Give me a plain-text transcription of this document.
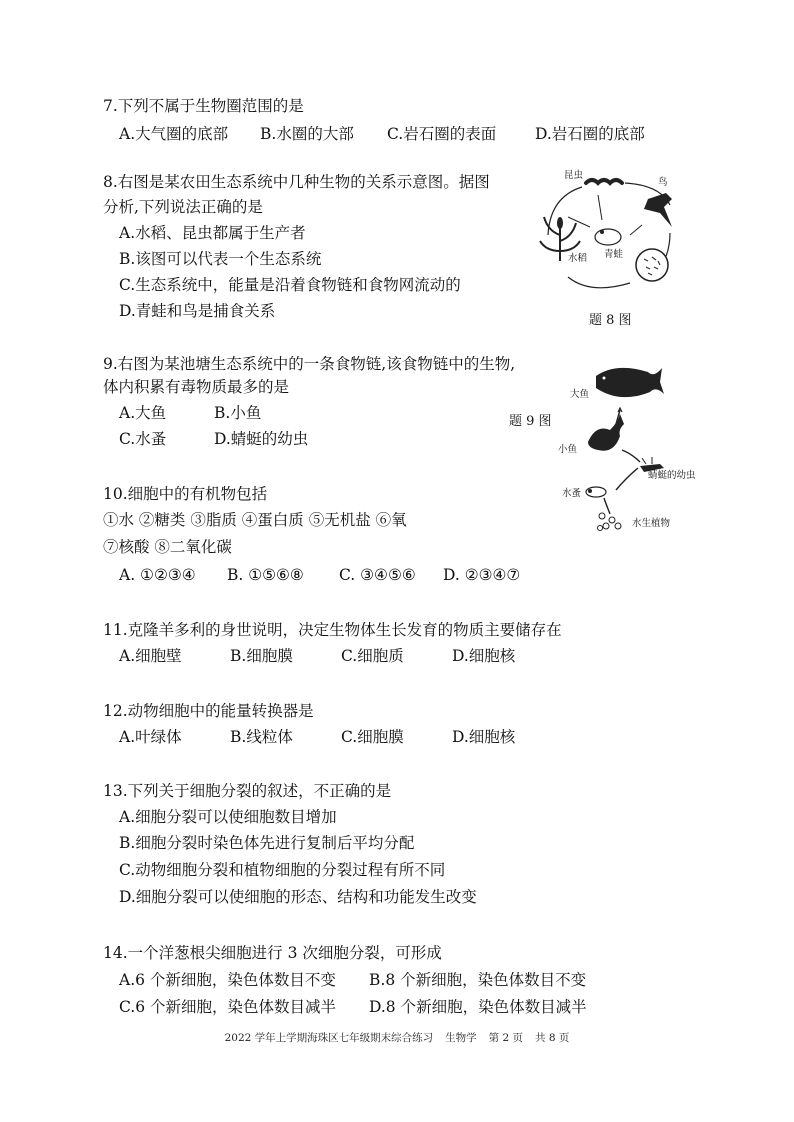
7.下列不属于生物圈范围的是
A.大气圈的底部 B.水圈的大部 C.岩石圈的表面	D.岩石圈的底部
8.右图是某农田生态系统中几种生物的关系示意图。据图
分析,下列说法正确的是
A.水稻、昆虫都属于生产者
B.该图可以代表一个生态系统
C.生态系统中，能量是沿着食物链和食物网流动的
D.青蛙和鸟是捕食关系
昆虫
鸟
水稻 青蛙
题 8 图
9.右图为某池塘生态系统中的一条食物链,该食物链中的生物,
体内积累有毒物质最多的是
A.大鱼	B.小鱼
C.水蚤	D.蜻蜓的幼虫
题 9 图
大鱼
小鱼
蜻蜓的幼虫
水蚤
水生植物
10.细胞中的有机物包括
①水 ②糖类 ③脂质 ④蛋白质 ⑤无机盐 ⑥氧
⑦核酸 ⑧二氧化碳
A. ①②③④ B. ①⑤⑥⑧ C. ③④⑤⑥ D. ②③④⑦
11.克隆羊多利的身世说明，决定生物体生长发育的物质主要储存在
A.细胞壁	B.细胞膜	C.细胞质	D.细胞核
12.动物细胞中的能量转换器是
A.叶绿体	B.线粒体	C.细胞膜	D.细胞核
13.下列关于细胞分裂的叙述，不正确的是
A.细胞分裂可以使细胞数目增加
B.细胞分裂时染色体先进行复制后平均分配
C.动物细胞分裂和植物细胞的分裂过程有所不同
D.细胞分裂可以使细胞的形态、结构和功能发生改变
14.一个洋葱根尖细胞进行 3 次细胞分裂，可形成
A.6 个新细胞，染色体数目不变 B.8 个新细胞，染色体数目不变
C.6 个新细胞，染色体数目减半 D.8 个新细胞，染色体数目减半
2022 学年上学期海珠区七年级期末综合练习 生物学 第 2 页 共 8 页
